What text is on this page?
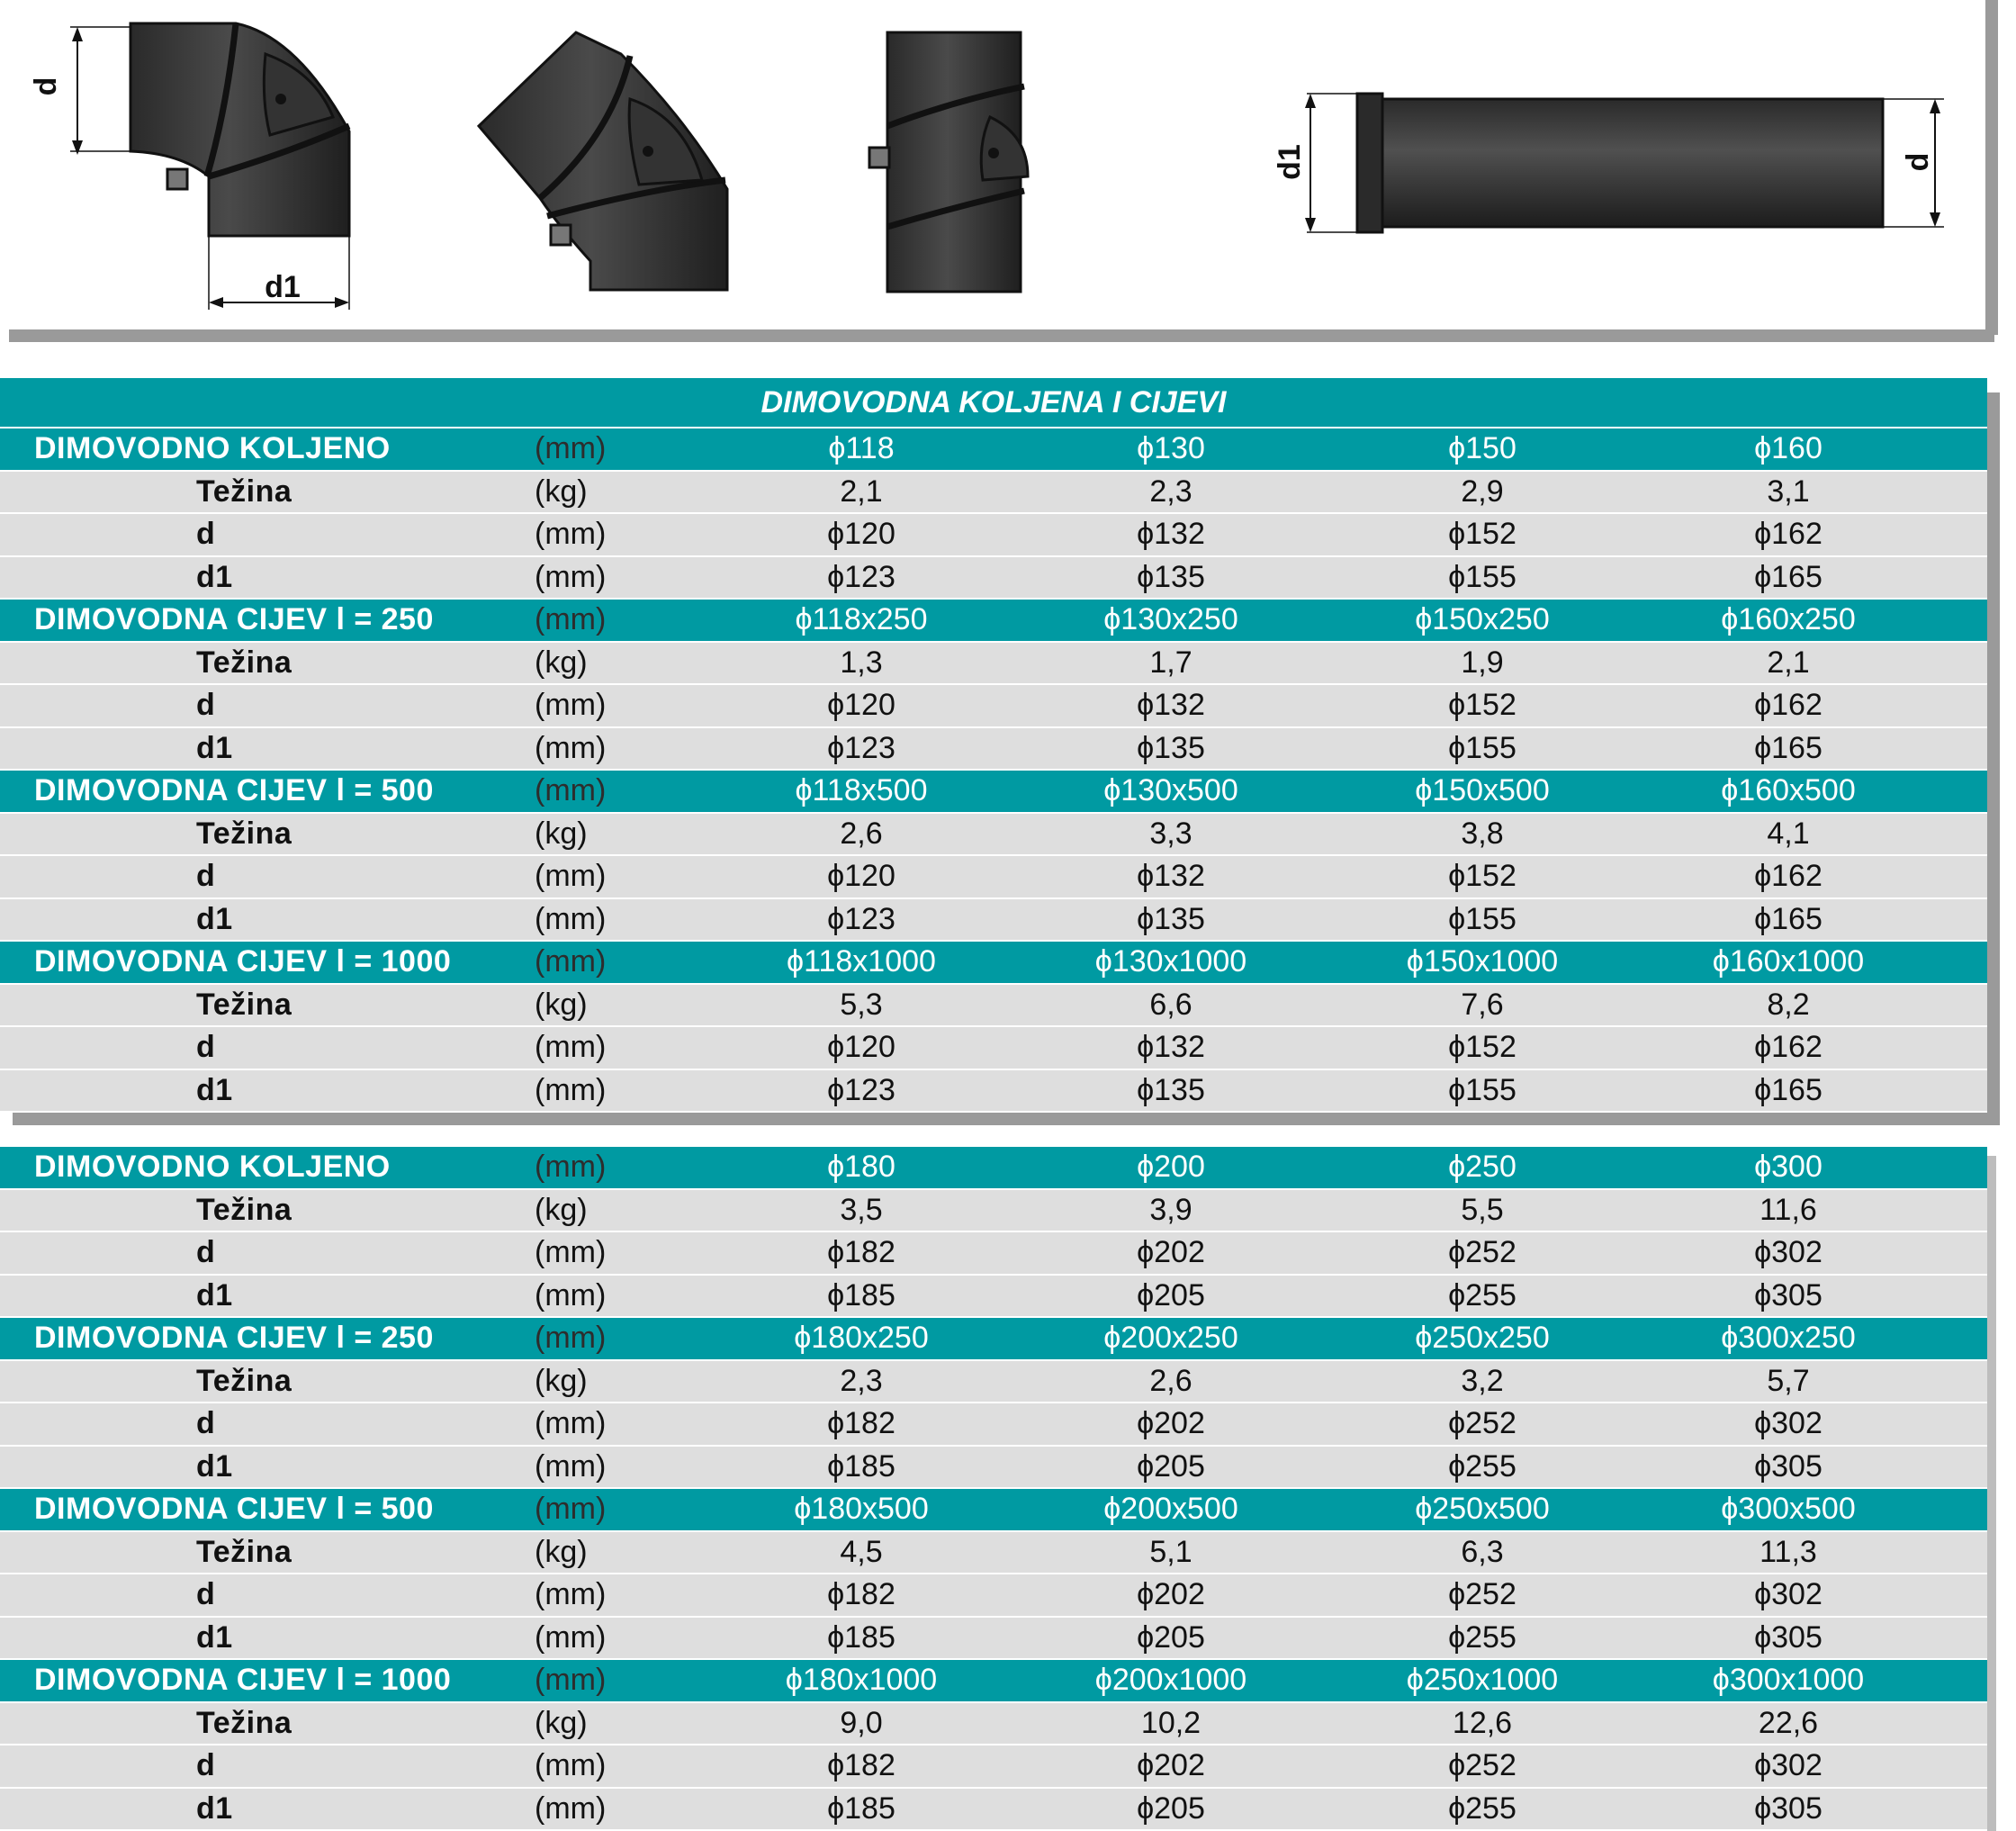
d
d1
d1	d
DIMOVODNA KOLJENA I CIJEVI
DIMOVODNO KOLJENO	(mm)	ϕ118	ϕ130	ϕ150	ϕ160
Težina	(kg)	2,1	2,3	2,9	3,1
d	(mm)	ϕ120	ϕ132	ϕ152	ϕ162
d1	(mm)	ϕ123	ϕ135	ϕ155	ϕ165
DIMOVODNA CIJEV l = 250	(mm)	ϕ118x250	ϕ130x250	ϕ150x250	ϕ160x250
Težina	(kg)	1,3	1,7	1,9	2,1
d	(mm)	ϕ120	ϕ132	ϕ152	ϕ162
d1	(mm)	ϕ123	ϕ135	ϕ155	ϕ165
DIMOVODNA CIJEV l = 500	(mm)	ϕ118x500	ϕ130x500	ϕ150x500	ϕ160x500
Težina	(kg)	2,6	3,3	3,8	4,1
d	(mm)	ϕ120	ϕ132	ϕ152	ϕ162
d1	(mm)	ϕ123	ϕ135	ϕ155	ϕ165
DIMOVODNA CIJEV l = 1000	(mm)	ϕ118x1000	ϕ130x1000	ϕ150x1000	ϕ160x1000
Težina	(kg)	5,3	6,6	7,6	8,2
d	(mm)	ϕ120	ϕ132	ϕ152	ϕ162
d1	(mm)	ϕ123	ϕ135	ϕ155	ϕ165
DIMOVODNO KOLJENO	(mm)	ϕ180	ϕ200	ϕ250	ϕ300
Težina	(kg)	3,5	3,9	5,5	11,6
d	(mm)	ϕ182	ϕ202	ϕ252	ϕ302
d1	(mm)	ϕ185	ϕ205	ϕ255	ϕ305
DIMOVODNA CIJEV l = 250	(mm)	ϕ180x250	ϕ200x250	ϕ250x250	ϕ300x250
Težina	(kg)	2,3	2,6	3,2	5,7
d	(mm)	ϕ182	ϕ202	ϕ252	ϕ302
d1	(mm)	ϕ185	ϕ205	ϕ255	ϕ305
DIMOVODNA CIJEV l = 500	(mm)	ϕ180x500	ϕ200x500	ϕ250x500	ϕ300x500
Težina	(kg)	4,5	5,1	6,3	11,3
d	(mm)	ϕ182	ϕ202	ϕ252	ϕ302
d1	(mm)	ϕ185	ϕ205	ϕ255	ϕ305
DIMOVODNA CIJEV l = 1000	(mm)	ϕ180x1000	ϕ200x1000	ϕ250x1000	ϕ300x1000
Težina	(kg)	9,0	10,2	12,6	22,6
d	(mm)	ϕ182	ϕ202	ϕ252	ϕ302
d1	(mm)	ϕ185	ϕ205	ϕ255	ϕ305
